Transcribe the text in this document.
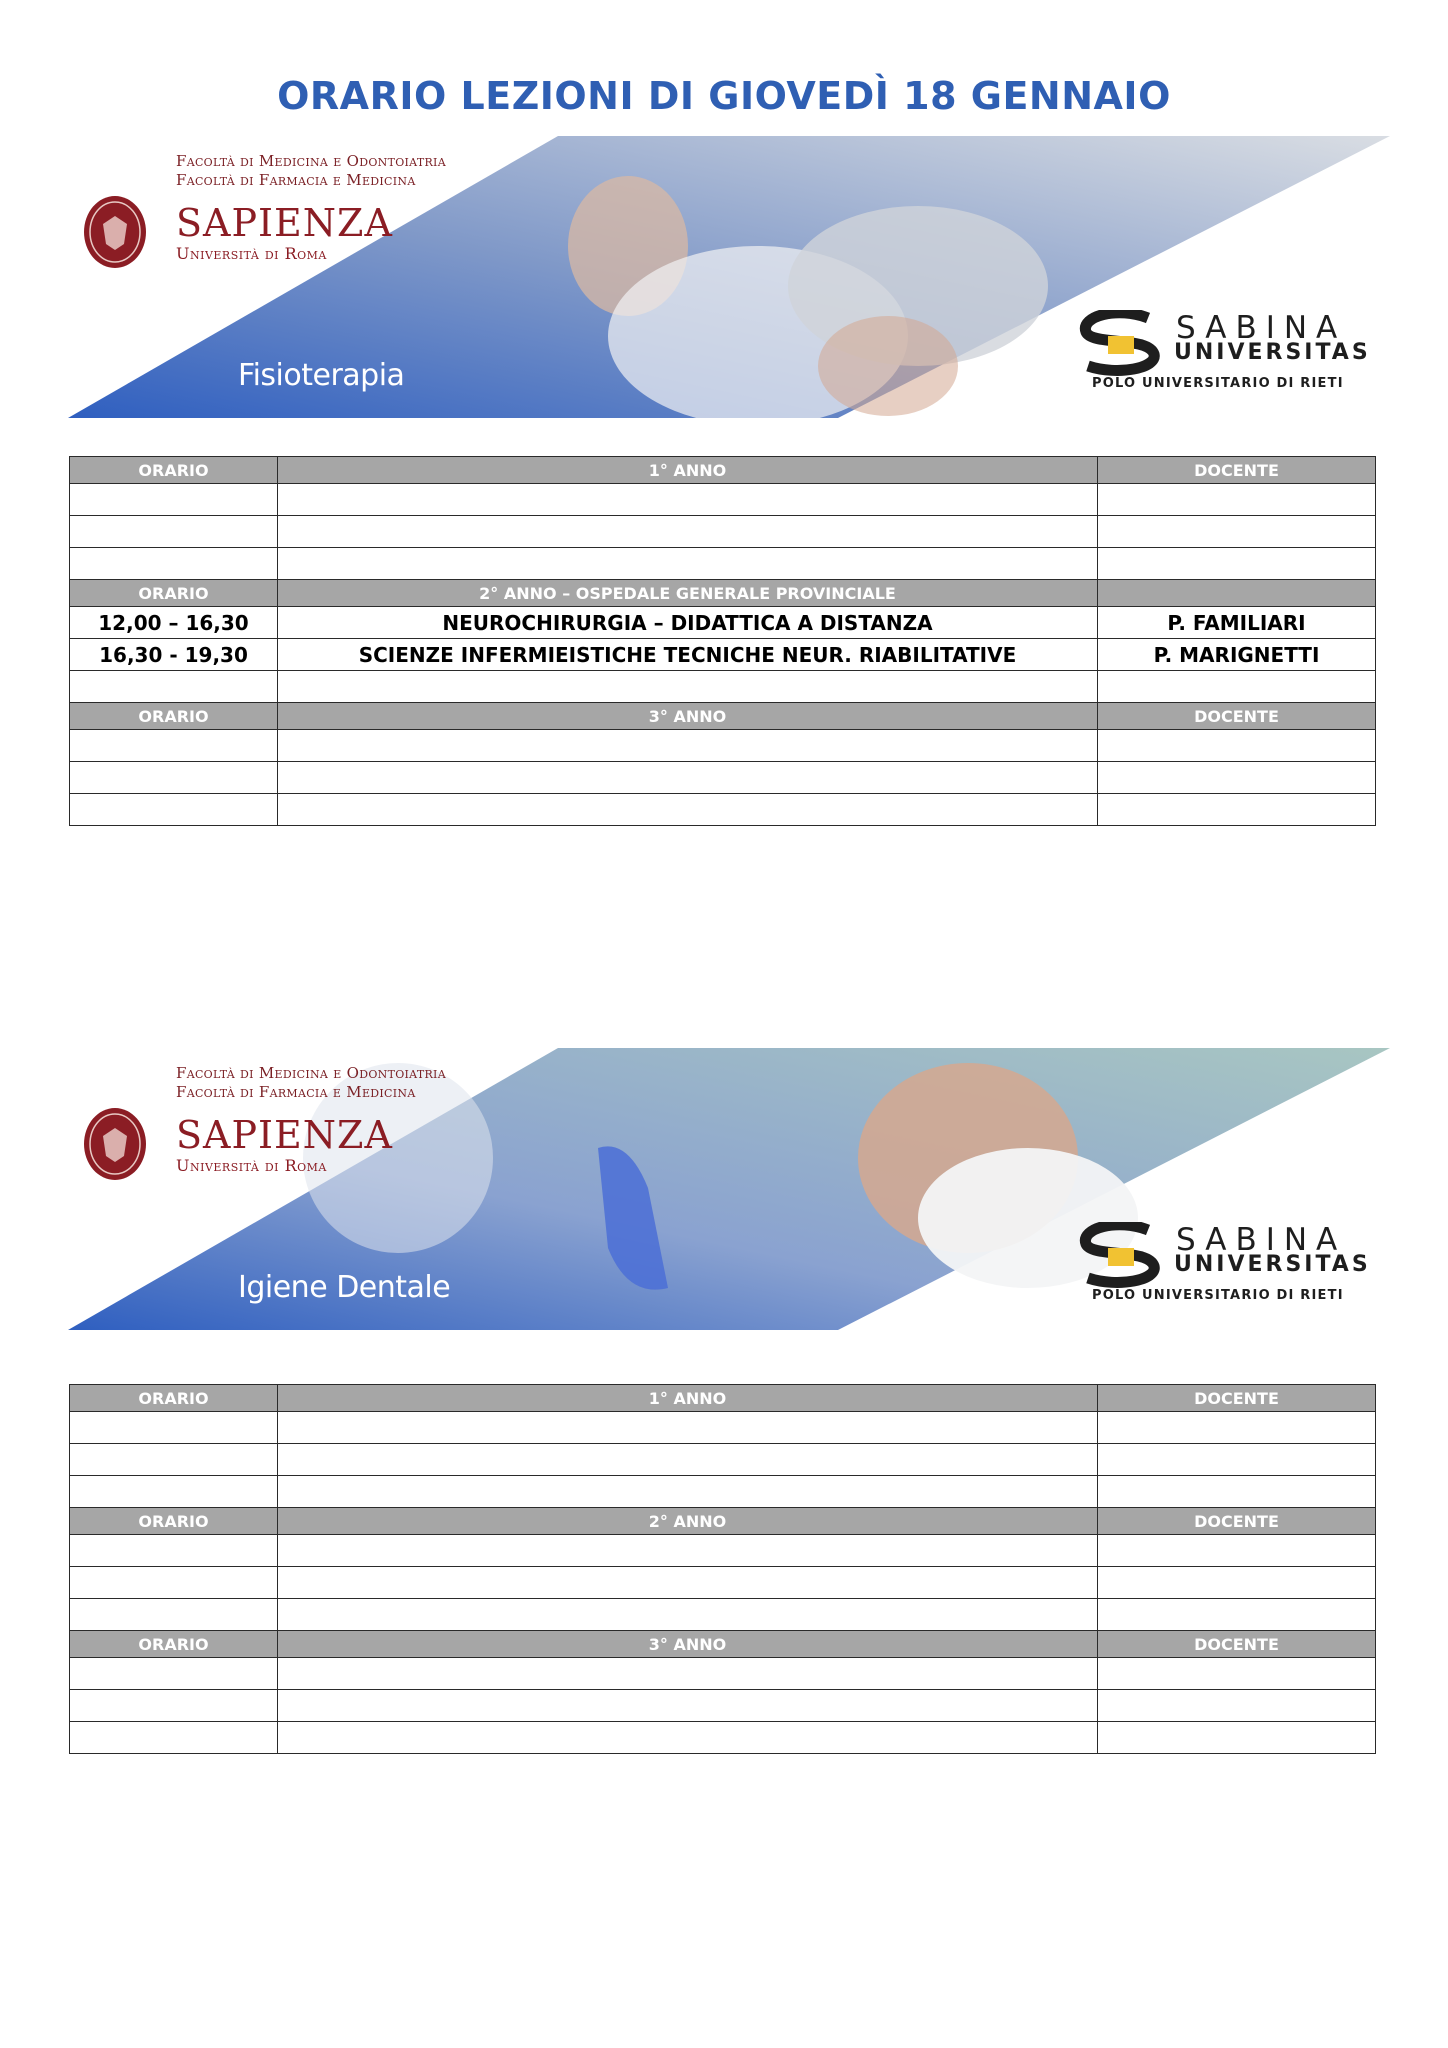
ORARIO LEZIONI DI GIOVEDÌ 18 GENNAIO
Facoltà di Medicina e Odontoiatria
Facoltà di Farmacia e Medicina
SAPIENZA
Università di Roma
Fisioterapia
SABINA
UNIVERSITAS
POLO UNIVERSITARIO DI RIETI
ORARIO	1° ANNO	DOCENTE

ORARIO	2° ANNO – OSPEDALE GENERALE PROVINCIALE	
12,00 – 16,30	NEUROCHIRURGIA – DIDATTICA A DISTANZA	P. FAMILIARI
16,30 - 19,30	SCIENZE INFERMIEISTICHE TECNICHE NEUR. RIABILITATIVE	P. MARIGNETTI

ORARIO	3° ANNO	DOCENTE

Facoltà di Medicina e Odontoiatria
Facoltà di Farmacia e Medicina
SAPIENZA
Università di Roma
Igiene Dentale
SABINA
UNIVERSITAS
POLO UNIVERSITARIO DI RIETI
ORARIO	1° ANNO	DOCENTE

ORARIO	2° ANNO	DOCENTE

ORARIO	3° ANNO	DOCENTE
